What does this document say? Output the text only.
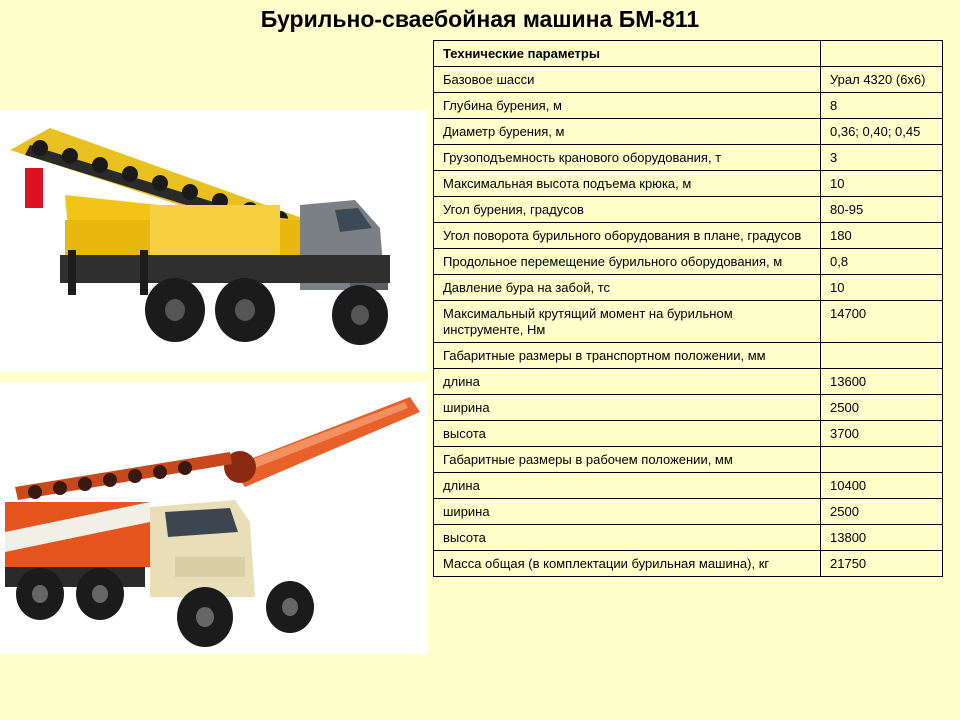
Бурильно-сваебойная машина БМ-811
Технические параметры	
Базовое шасси	Урал 4320 (6x6)
Глубина бурения, м	8
Диаметр бурения, м	0,36; 0,40; 0,45
Грузоподъемность кранового оборудования, т	3
Максимальная высота подъема крюка, м	10
Угол бурения, градусов	80-95
Угол поворота бурильного оборудования в плане, градусов	180
Продольное перемещение бурильного оборудования, м	0,8
Давление бура на забой, тс	10
Максимальный крутящий момент на бурильном инструменте, Нм	14700
Габаритные размеры в транспортном положении, мм	
длина	13600
ширина	2500
высота	3700
Габаритные размеры в рабочем положении, мм	
длина	10400
ширина	2500
высота	13800
Масса общая (в комплектации бурильная машина), кг	21750
